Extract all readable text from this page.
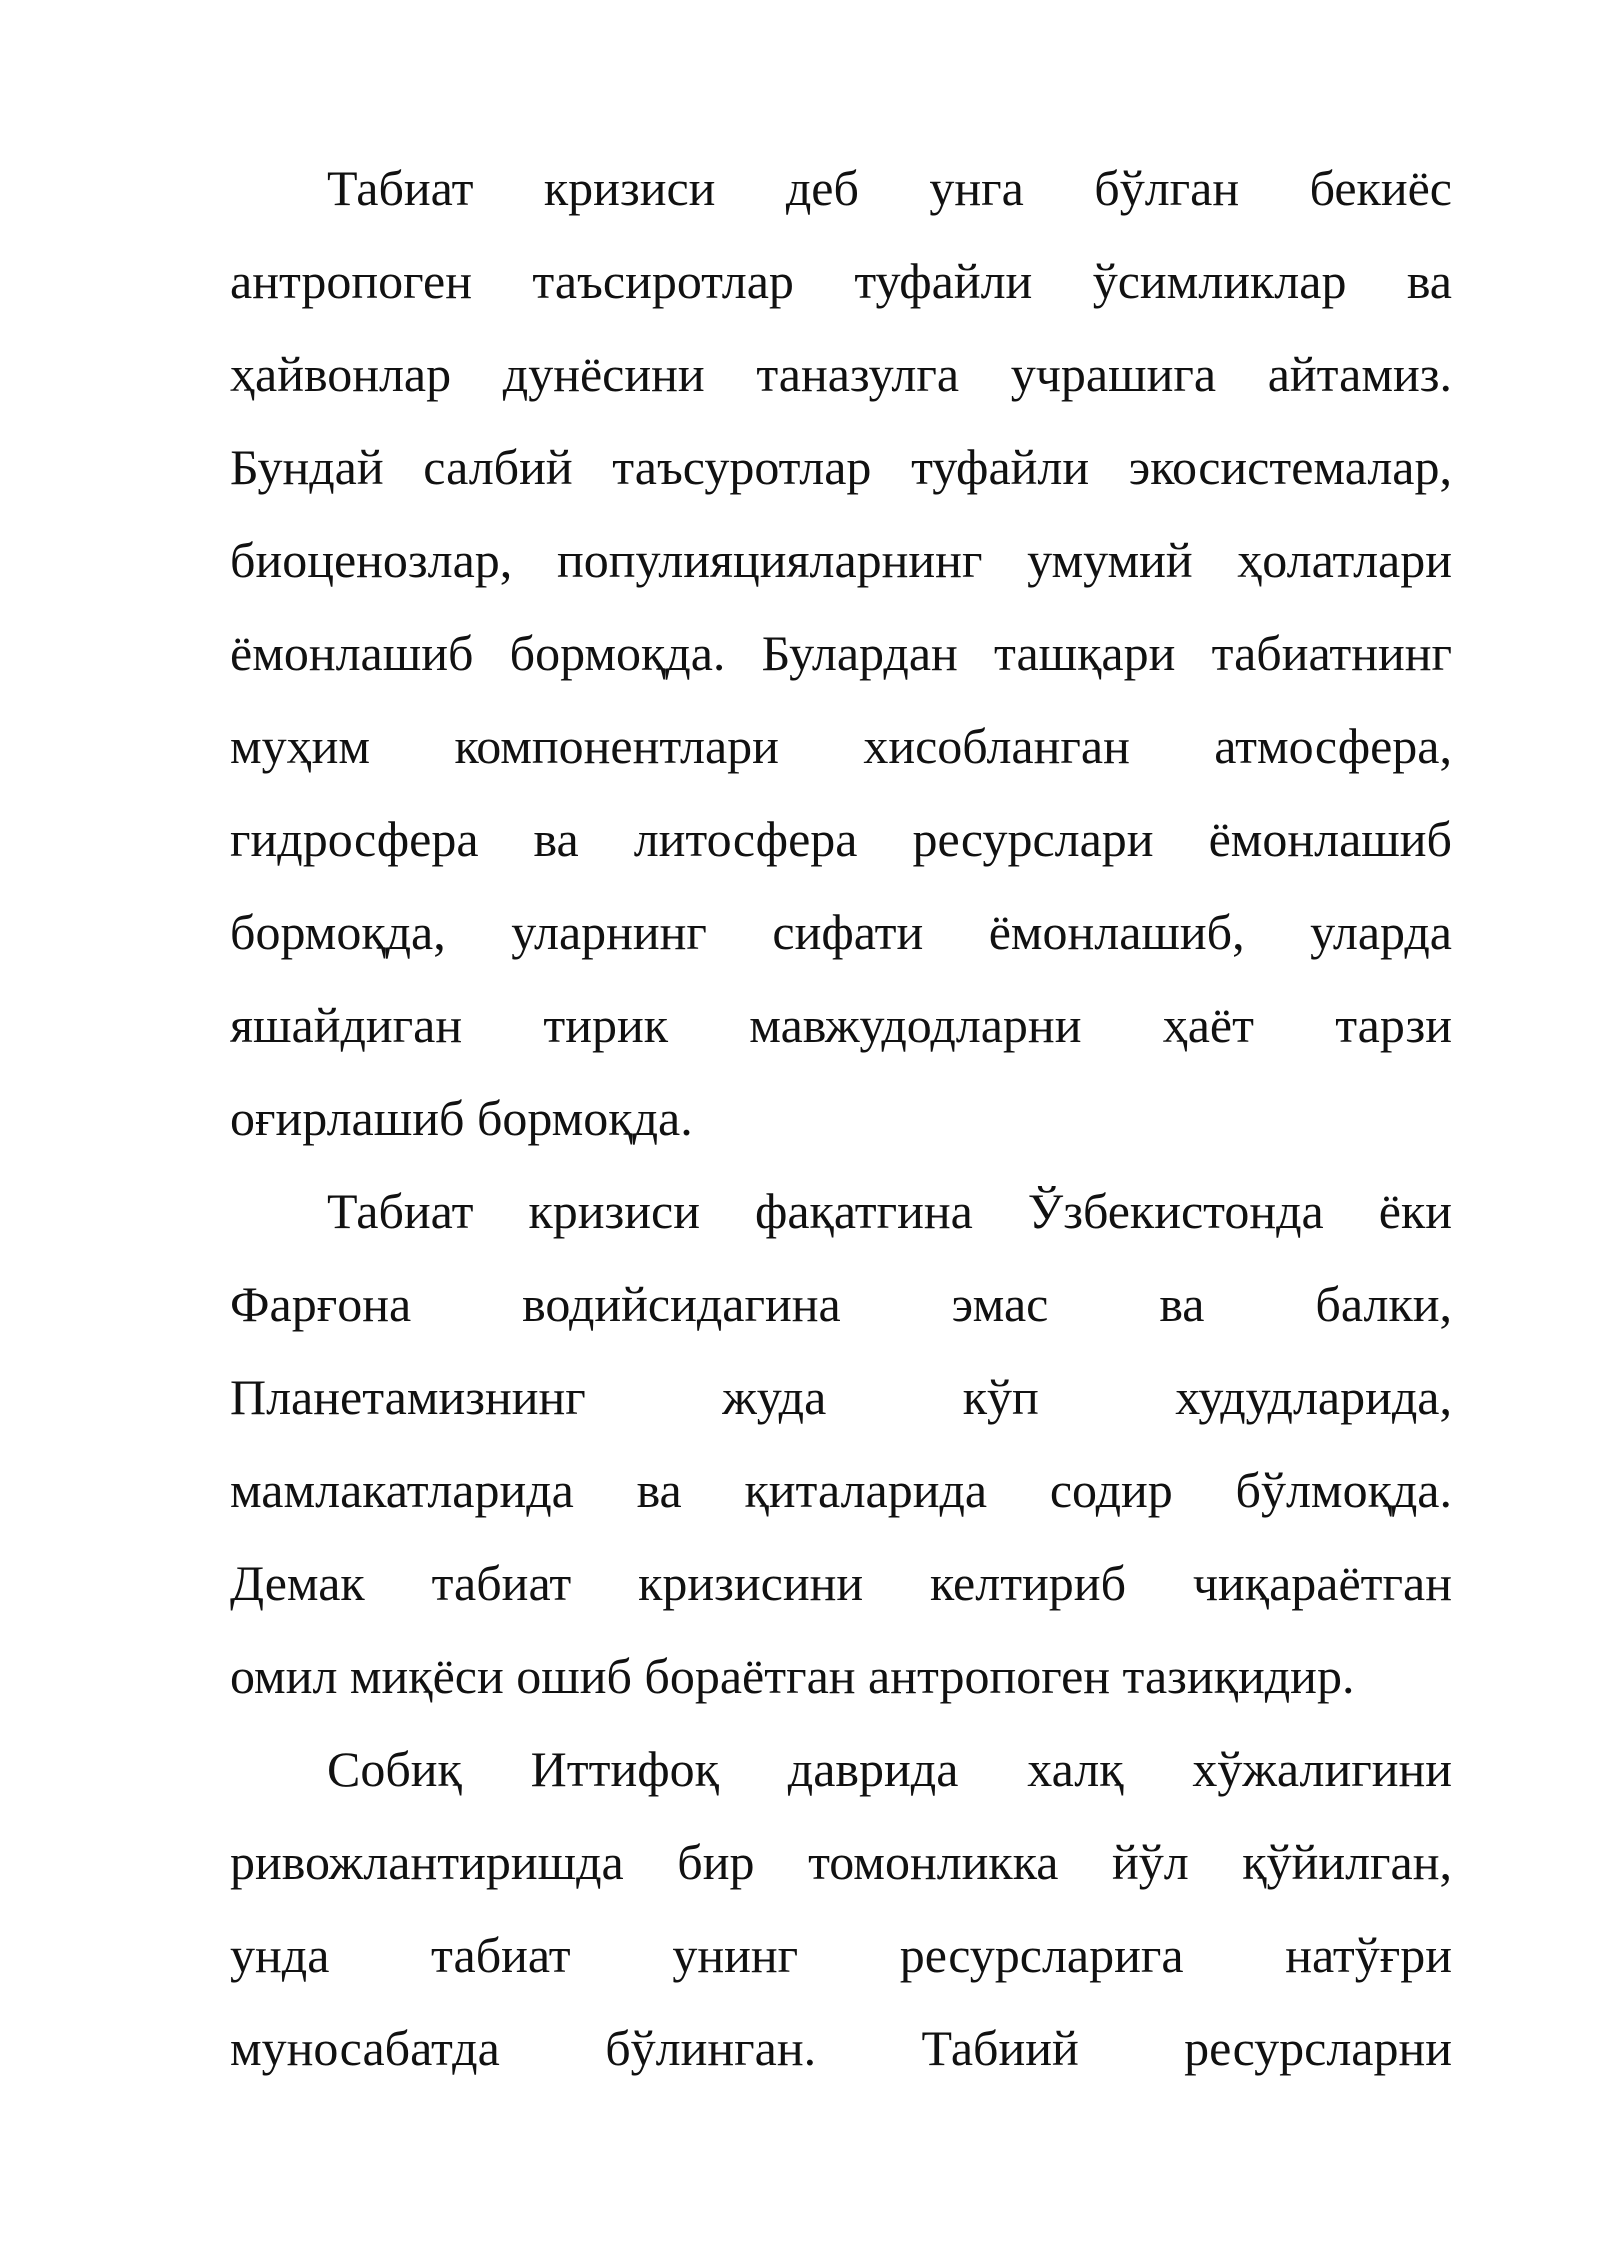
Табиат кризиси деб унга бўлган бекиёс
антропоген таъсиротлар туфайли ўсимликлар ва
ҳайвонлар дунёсини таназулга учрашига айтамиз.
Бундай салбий таъсуротлар туфайли экосистемалар,
биоценозлар, популияцияларнинг умумий ҳолатлари
ёмонлашиб бормоқда. Булардан ташқари табиатнинг
муҳим компонентлари хисобланган атмосфера,
гидросфера ва литосфера ресурслари ёмонлашиб
бормоқда, уларнинг сифати ёмонлашиб, уларда
яшайдиган тирик мавжудодларни ҳаёт тарзи
оғирлашиб бормоқда.
Табиат кризиси фақатгина Ўзбекистонда ёки
Фарғона водийсидагина эмас ва балки,
Планетамизнинг жуда кўп худудларида,
мамлакатларида ва қиталарида содир бўлмоқда.
Демак табиат кризисини келтириб чиқараётган
омил миқёси ошиб бораётган антропоген тазиқидир.
Собиқ Иттифоқ даврида халқ хўжалигини
ривожлантиришда бир томонликка йўл қўйилган,
унда табиат унинг ресурсларига натўғри
муносабатда бўлинган. Табиий ресурсларни
